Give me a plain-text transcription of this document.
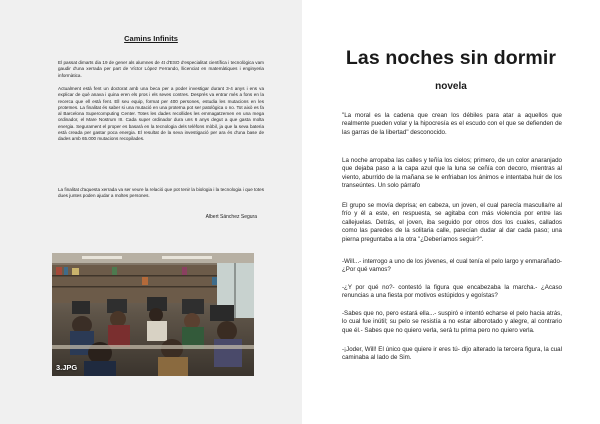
Camins Infinits
El passat dimarts dia 19 de gener als alumnes de 4t d'ESO d'especialitat científica i tecnològica vam gaudir d'una xerrada per part de Víctor López Ferrando, llicenciat en matemàtiques i enginyeria informàtica.
Actualment està fent un doctorat amb una beca per a poder investigar durant 3-4 anys i ens va explicar de què anava i quina eren els pros i els seves contres. Després va entrar més a fons en la recerca que ell està fent. Ell seu equip, format per 400 persones, estudia les mutacions en les proteïnes. La finalitat és saber si una mutació en una proteïna pot ser patològica o no. Tot això es fa al Barcelona Supercomputing Center. Totes les dades recollides les emmagatzemen en una mega ordinador, el Mare Nostrum III. Cada super ordinador dura uns 6 anys degut a que gasta molta energia. Segurament el proper es basarà en la tecnologia dels telèfons mòbil, ja que la seva bateria està creada per gastar poca energia. El resultat de la seva investigació per ara és d'una base de dades amb 65.000 mutacions recopilades.
La finalitat d'aquesta xerrada va ser veure la relació que pot tenir la biologia i la tecnologia i que totes dues juntes poden ajudar a moltes persones.
Albert Sánchez Segura
3.JPG
Las noches sin dormir
novela
"La moral es la cadena que crean los débiles para atar a aquellos que realmente pueden volar y la hipocresía es el escudo con el que se defienden de las garras de la libertad" desconocido.
La noche arropaba las calles y teñía los cielos; primero, de un color anaranjado que dejaba paso a la capa azul que la luna se ceñía con decoro, mientras al viento, aburrido de la mañana se le enfriaban los ánimos e intentaba huir de los transeúntes. Un solo párrafo
El grupo se movía deprisa; en cabeza, un joven, el cual parecía masculla/re al frío y él a este, en respuesta, se agitaba con más violencia por entre las callejuelas. Detrás, el joven, iba seguido por otros dos los cuales, callados como las paredes de la solitaria calle, parecían dudar al dar cada paso; una pierna preguntaba a la otra "¿Deberíamos seguir?".
-Will...- interrogo a uno de los jóvenes, el cual tenía el pelo largo y enmarañado- ¿Por qué vamos?
-¿Y por qué no?- contestó la figura que encabezaba la marcha.- ¿Acaso renuncias a una fiesta por motivos estúpidos y egoístas?
-Sabes que no, pero estará ella...- suspiró e intentó echarse el pelo hacia atrás, lo cual fue inútil; su pelo se resistía a no estar alborotado y alegre, al contrario que él.- Sabes que no quiero verla, será tu prima pero no quiero verla.
-¡Joder, Will! El único que quiere ir eres tú- dijo alterado la tercera figura, la cual caminaba al lado de Sim.
